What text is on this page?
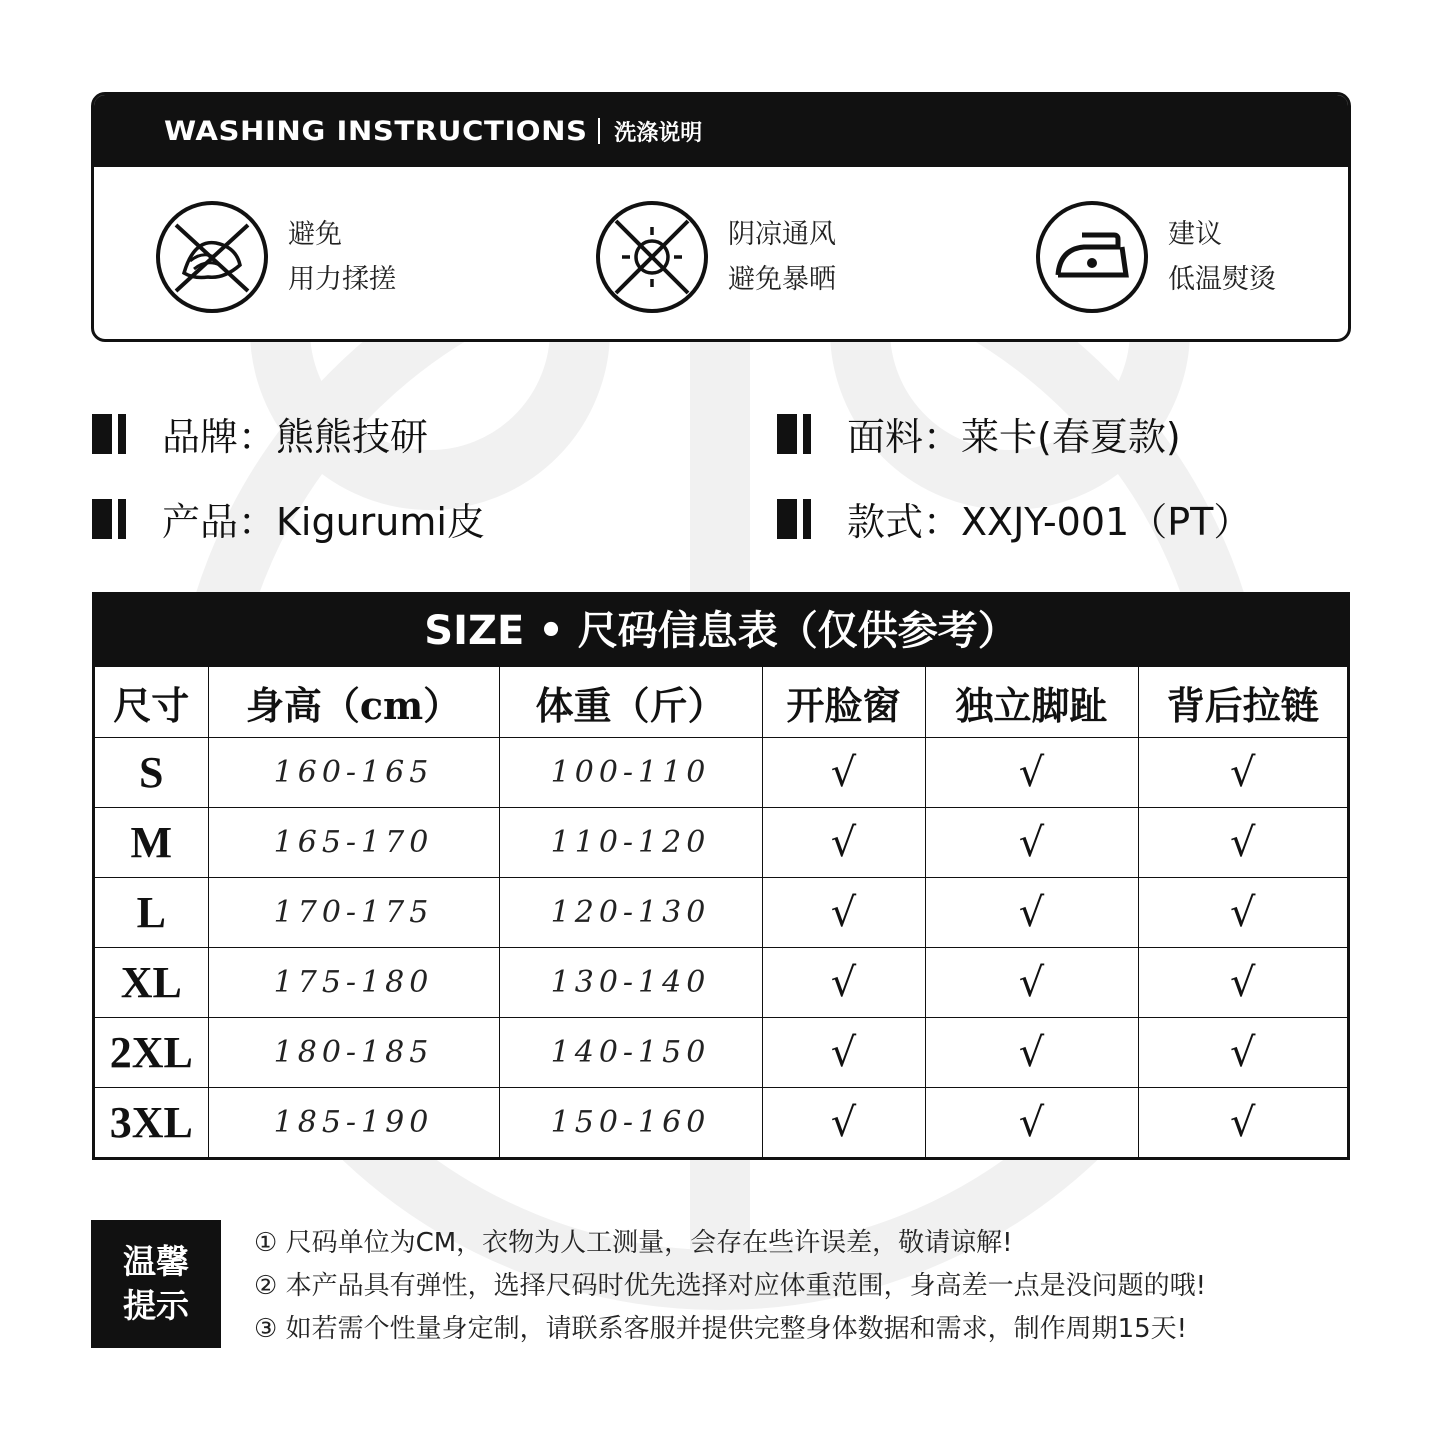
WASHING INSTRUCTIONS 洗涤说明
避免
用力揉搓
阴凉通风
避免暴晒
建议
低温熨烫
品牌：熊熊技研	面料：莱卡(春夏款)
产品：Kigurumi皮	款式：XXJY-001（PT）
SIZE • 尺码信息表（仅供参考）
尺寸	身高（cm）	体重（斤）	开脸窗	独立脚趾	背后拉链
S	160-165	100-110	√	√	√
M	165-170	110-120	√	√	√
L	170-175	120-130	√	√	√
XL	175-180	130-140	√	√	√
2XL	180-185	140-150	√	√	√
3XL	185-190	150-160	√	√	√
温馨
提示
① 尺码单位为CM，衣物为人工测量，会存在些许误差，敬请谅解!
② 本产品具有弹性，选择尺码时优先选择对应体重范围，身高差一点是没问题的哦!
③ 如若需个性量身定制，请联系客服并提供完整身体数据和需求，制作周期15天!
